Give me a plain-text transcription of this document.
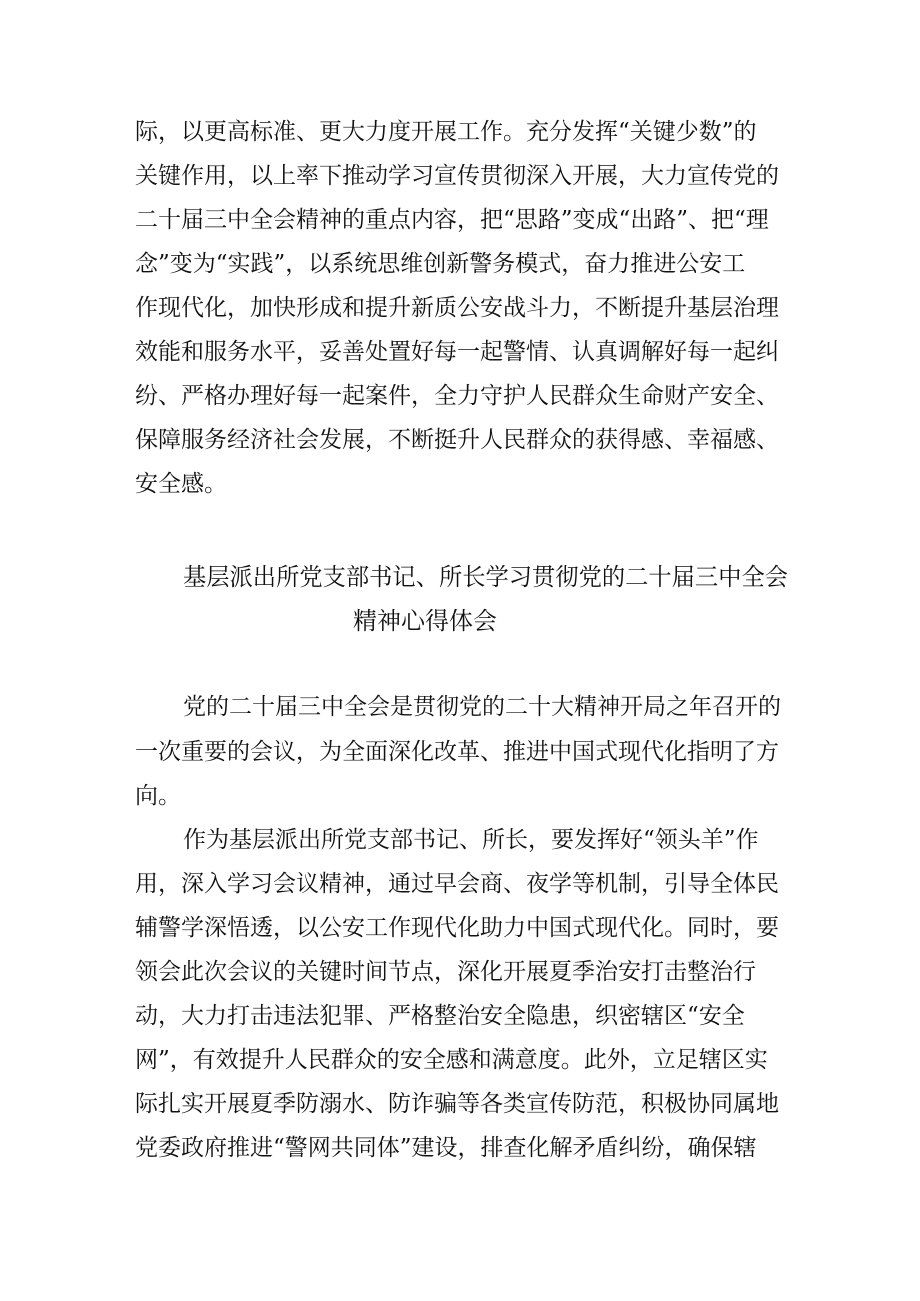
际，以更高标准、更大力度开展工作。充分发挥“关键少数”的
关键作用，以上率下推动学习宣传贯彻深入开展，大力宣传党的
二十届三中全会精神的重点内容，把“思路”变成“出路”、把“理
念”变为“实践”，以系统思维创新警务模式，奋力推进公安工
作现代化，加快形成和提升新质公安战斗力，不断提升基层治理
效能和服务水平，妥善处置好每一起警情、认真调解好每一起纠
纷、严格办理好每一起案件，全力守护人民群众生命财产安全、
保障服务经济社会发展，不断挺升人民群众的获得感、幸福感、
安全感。
基层派出所党支部书记、所长学习贯彻党的二十届三中全会
精神心得体会
党的二十届三中全会是贯彻党的二十大精神开局之年召开的
一次重要的会议，为全面深化改革、推进中国式现代化指明了方
向。
作为基层派出所党支部书记、所长，要发挥好“领头羊”作
用，深入学习会议精神，通过早会商、夜学等机制，引导全体民
辅警学深悟透，以公安工作现代化助力中国式现代化。同时，要
领会此次会议的关键时间节点，深化开展夏季治安打击整治行
动，大力打击违法犯罪、严格整治安全隐患，织密辖区“安全
网”，有效提升人民群众的安全感和满意度。此外，立足辖区实
际扎实开展夏季防溺水、防诈骗等各类宣传防范，积极协同属地
党委政府推进“警网共同体”建设，排查化解矛盾纠纷，确保辖
